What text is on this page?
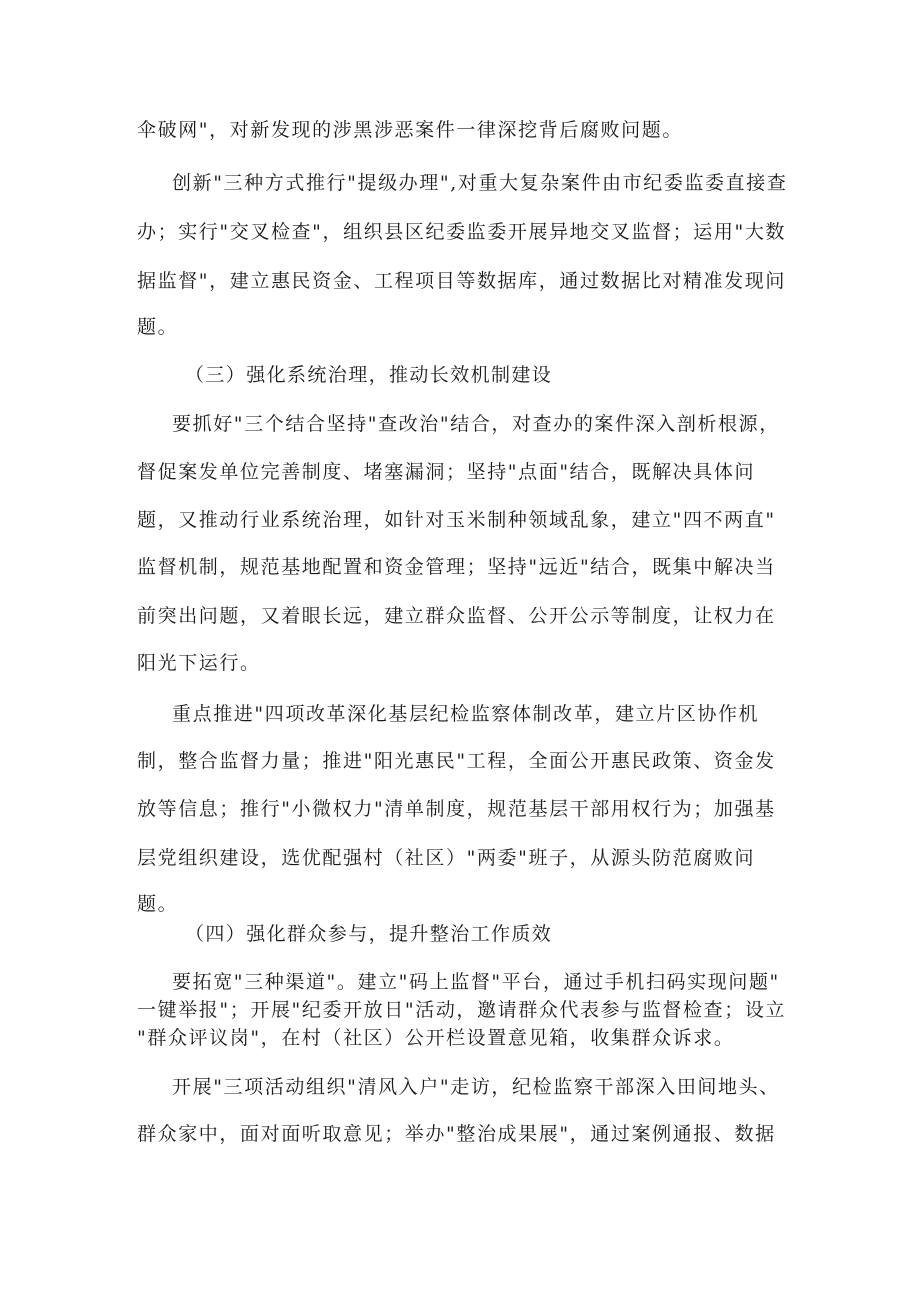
伞破网"，对新发现的涉黑涉恶案件一律深挖背后腐败问题。
创新"三种方式推行"提级办理",对重大复杂案件由市纪委监委直接查
办；实行"交叉检查"，组织县区纪委监委开展异地交叉监督；运用"大数
据监督"，建立惠民资金、工程项目等数据库，通过数据比对精准发现问
题。
（三）强化系统治理，推动长效机制建设
要抓好"三个结合坚持"查改治"结合，对查办的案件深入剖析根源，
督促案发单位完善制度、堵塞漏洞；坚持"点面"结合，既解决具体问
题，又推动行业系统治理，如针对玉米制种领域乱象，建立"四不两直"
监督机制，规范基地配置和资金管理；坚持"远近"结合，既集中解决当
前突出问题，又着眼长远，建立群众监督、公开公示等制度，让权力在
阳光下运行。
重点推进"四项改革深化基层纪检监察体制改革，建立片区协作机
制，整合监督力量；推进"阳光惠民"工程，全面公开惠民政策、资金发
放等信息；推行"小微权力"清单制度，规范基层干部用权行为；加强基
层党组织建设，选优配强村（社区）"两委"班子，从源头防范腐败问
题。
（四）强化群众参与，提升整治工作质效
要拓宽"三种渠道"。建立"码上监督"平台，通过手机扫码实现问题"
一键举报"；开展"纪委开放日"活动，邀请群众代表参与监督检查；设立
"群众评议岗"，在村（社区）公开栏设置意见箱，收集群众诉求。
开展"三项活动组织"清风入户"走访，纪检监察干部深入田间地头、
群众家中，面对面听取意见；举办"整治成果展"，通过案例通报、数据
